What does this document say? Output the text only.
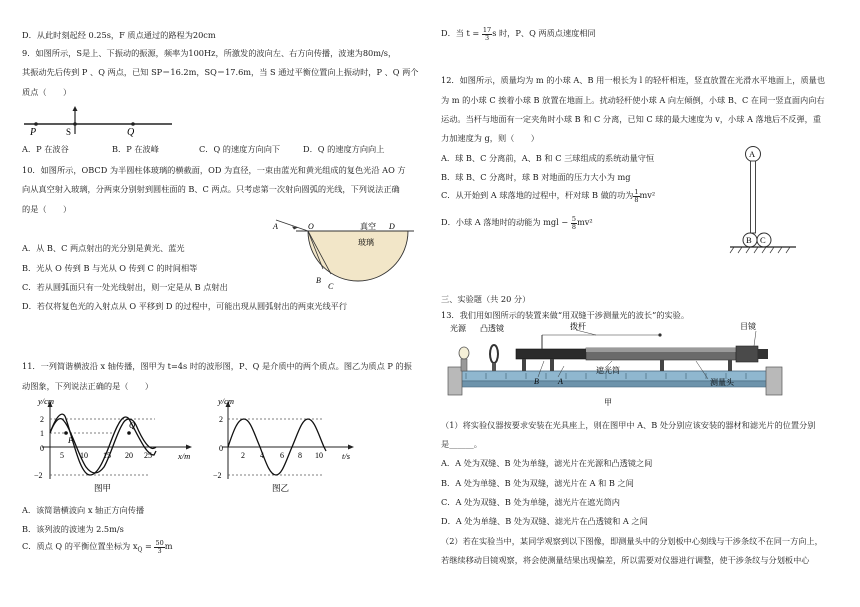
D．从此时刻起经 0.25s，F 质点通过的路程为20cm
9．如图所示，S是上、下振动的振源，频率为100Hz，所激发的波向左、右方向传播，波速为80m/s，
其振动先后传到 P 、Q 两点，已知 SP＝16.2m，SQ＝17.6m，当 S 通过平衡位置向上振动时，P 、Q 两个
质点（　　）
P	S	Q
A．P 在波谷	B．P 在波峰	C．Q 的速度方向向下	D．Q 的速度方向向上
10．如图所示，OBCD 为半圆柱体玻璃的横截面，OD 为直径，一束由蓝光和黄光组成的复色光沿 AO 方
向从真空射入玻璃，分两束分别射到圆柱面的 B、C 两点。只考虑第一次射向圆弧的光线，下列说法正确
的是（　　）
A	O	D
B
C
真空
玻璃
A．从 B、C 两点射出的光分别是黄光、蓝光
B．光从 O 传到 B 与光从 O 传到 C 的时间相等
C．若从圆弧面只有一处光线射出，则一定是从 B 点射出
D．若仅将复色光的入射点从 O 平移到 D 的过程中，可能出现从圆弧射出的两束光线平行
11．一列简谐横波沿 x 轴传播，图甲为 t=4s 时的波形图，P、Q 是介质中的两个质点。图乙为质点 P 的振
动图象，下列说法正确的是（　　）
y/cm
x/m
2
1
0
−2
5 10 15 20 25
P
Q
图甲
y/cm
t/s
2
0
−2
2 4 6 8 10
图乙
A．该简谐横波向 x 轴正方向传播
B．该列波的波速为 2.5m/s
C．质点 Q 的平衡位置坐标为 $x_Q = \frac{50}{3}$ m
D．当 $t = \frac{17}{3}$ s 时，P、Q 两质点速度相同
12．如图所示，质量均为 m 的小球 A、B 用一根长为 l 的轻杆相连，竖直放置在光滑水平地面上，质量也
为 m 的小球 C 挨着小球 B 放置在地面上。扰动轻杆使小球 A 向左倾倒，小球 B、C 在同一竖直面内向右
运动。当杆与地面有一定夹角时小球 B 和 C 分离，已知 C 球的最大速度为 v，小球 A 落地后不反弹，重
力加速度为 g，则（　　）
A
B C
A．球 B、C 分离前，A、B 和 C 三球组成的系统动量守恒
B．球 B、C 分离时，球 B 对地面的压力大小为 mg
C．从开始到 A 球落地的过程中，杆对球 B 做的功为 $\frac{1}{8} mv^2$
D．小球 A 落地时的动能为 mgl − $\frac{5}{8} mv^2$
三、实验题（共 20 分）
13．我们用如图所示的装置来做“用双缝干涉测量光的波长”的实验。
光源 凸透镜	拨杆	目镜
遮光筒
测量头
A
B
甲
（1）将实验仪器按要求安装在光具座上，则在图甲中 A、B 处分别应该安装的器材和滤光片的位置分别
是______。
A．A 处为双缝、B 处为单缝，滤光片在光源和凸透镜之间
B．A 处为单缝、B 处为双缝，滤光片在 A 和 B 之间
C．A 处为双缝、B 处为单缝，滤光片在遮光筒内
D．A 处为单缝、B 处为双缝、滤光片在凸透镜和 A 之间
（2）若在实验当中，某同学观察到以下图像，即测量头中的分划板中心刻线与干涉条纹不在同一方向上，
若继续移动目镜观察，将会使测量结果出现偏差，所以需要对仪器进行调整，使干涉条纹与分划板中心
